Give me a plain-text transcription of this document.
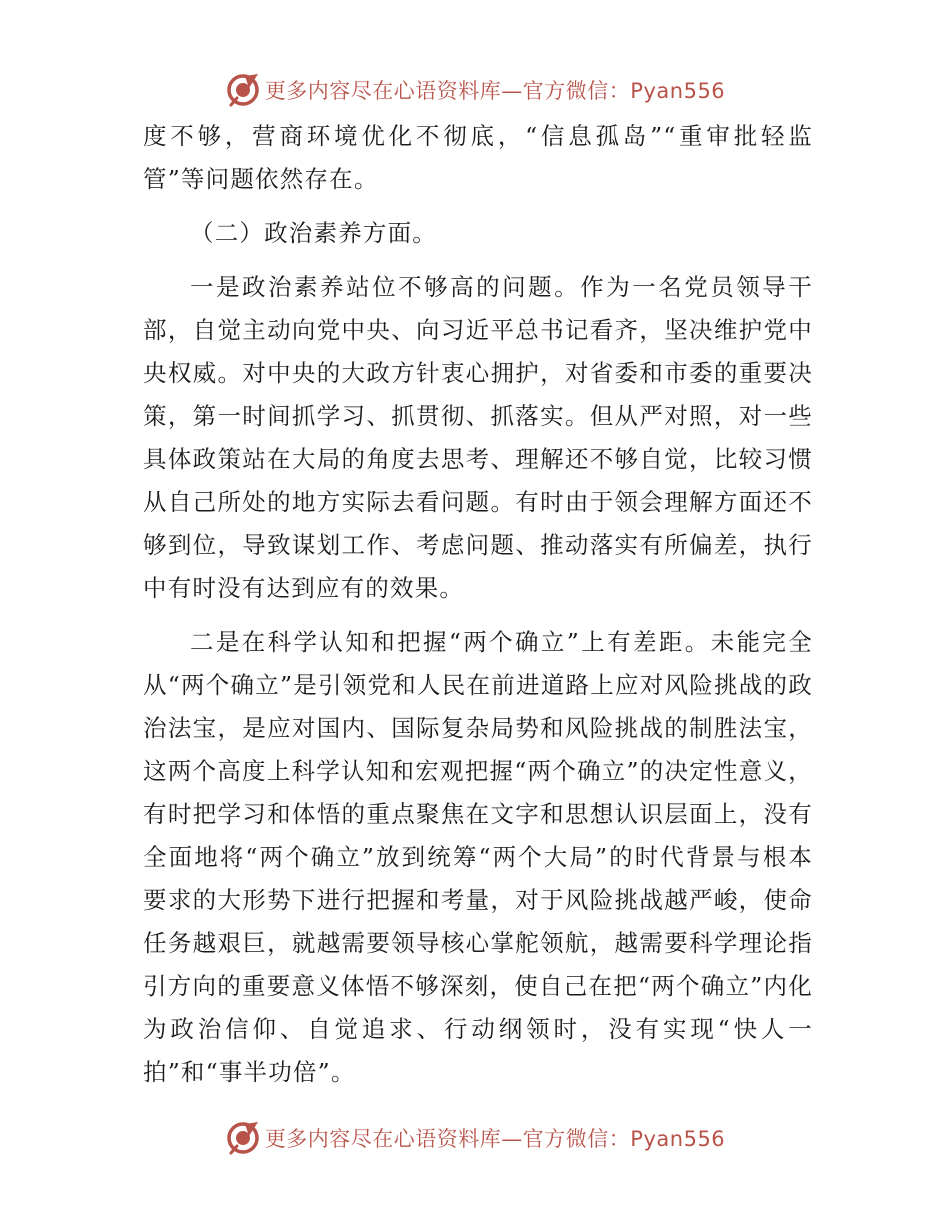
更多内容尽在心语资料库—官方微信：Pyan556

度不够，营商环境优化不彻底，“信息孤岛”“重审批轻监管”等问题依然存在。

（二）政治素养方面。

一是政治素养站位不够高的问题。作为一名党员领导干部，自觉主动向党中央、向习近平总书记看齐，坚决维护党中央权威。对中央的大政方针衷心拥护，对省委和市委的重要决策，第一时间抓学习、抓贯彻、抓落实。但从严对照，对一些具体政策站在大局的角度去思考、理解还不够自觉，比较习惯从自己所处的地方实际去看问题。有时由于领会理解方面还不够到位，导致谋划工作、考虑问题、推动落实有所偏差，执行中有时没有达到应有的效果。

二是在科学认知和把握“两个确立”上有差距。未能完全从“两个确立”是引领党和人民在前进道路上应对风险挑战的政治法宝，是应对国内、国际复杂局势和风险挑战的制胜法宝，这两个高度上科学认知和宏观把握“两个确立”的决定性意义，有时把学习和体悟的重点聚焦在文字和思想认识层面上，没有全面地将“两个确立”放到统筹“两个大局”的时代背景与根本要求的大形势下进行把握和考量，对于风险挑战越严峻，使命任务越艰巨，就越需要领导核心掌舵领航，越需要科学理论指引方向的重要意义体悟不够深刻，使自己在把“两个确立”内化为政治信仰、自觉追求、行动纲领时，没有实现“快人一拍”和“事半功倍”。

更多内容尽在心语资料库—官方微信：Pyan556
